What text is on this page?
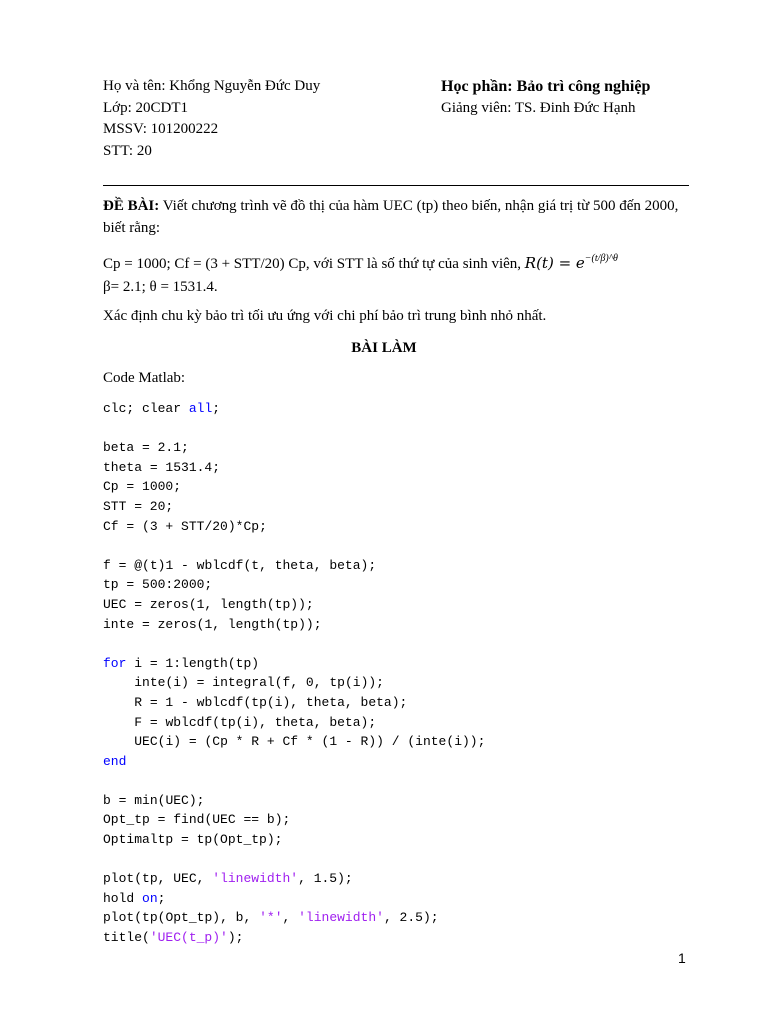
Họ và tên: Khổng Nguyễn Đức Duy
Lớp: 20CDT1
MSSV: 101200222
STT: 20
Học phần: Bảo trì công nghiệp
Giảng viên: TS. Đinh Đức Hạnh
ĐỀ BÀI: Viết chương trình vẽ đồ thị của hàm UEC (tp) theo biến, nhận giá trị từ 500 đến 2000, biết rằng:
Cp = 1000; Cf = (3 + STT/20) Cp, với STT là số thứ tự của sinh viên, $R(t) = e^{-(t/\beta)\^{}\theta}$
β= 2.1; θ = 1531.4.
Xác định chu kỳ bảo trì tối ưu ứng với chi phí bảo trì trung bình nhỏ nhất.
BÀI LÀM
Code Matlab:
clc; clear all;

beta = 2.1;
theta = 1531.4;
Cp = 1000;
STT = 20;
Cf = (3 + STT/20)*Cp;

f = @(t)1 - wblcdf(t, theta, beta);
tp = 500:2000;
UEC = zeros(1, length(tp));
inte = zeros(1, length(tp));

for i = 1:length(tp)
inte(i) = integral(f, 0, tp(i));
R = 1 - wblcdf(tp(i), theta, beta);
F = wblcdf(tp(i), theta, beta);
UEC(i) = (Cp * R + Cf * (1 - R)) / (inte(i));
end

b = min(UEC);
Opt_tp = find(UEC == b);
Optimaltp = tp(Opt_tp);

plot(tp, UEC, 'linewidth', 1.5);
hold on;
plot(tp(Opt_tp), b, '*', 'linewidth', 2.5);
title('UEC(t_p)');
1
